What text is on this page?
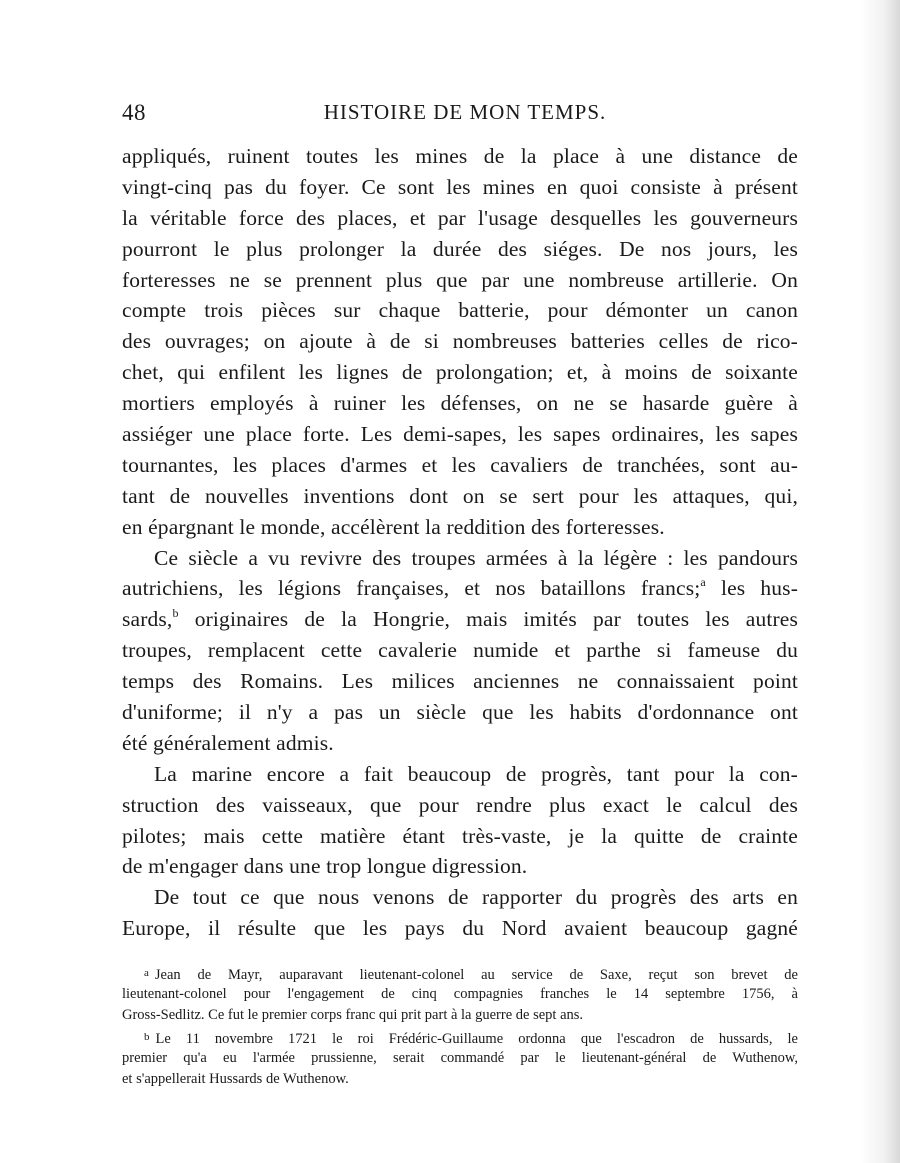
48	HISTOIRE DE MON TEMPS.
appliqués, ruinent toutes les mines de la place à une distance de
vingt-cinq pas du foyer. Ce sont les mines en quoi consiste à présent
la véritable force des places, et par l'usage desquelles les gouverneurs
pourront le plus prolonger la durée des siéges. De nos jours, les
forteresses ne se prennent plus que par une nombreuse artillerie. On
compte trois pièces sur chaque batterie, pour démonter un canon
des ouvrages; on ajoute à de si nombreuses batteries celles de rico-
chet, qui enfilent les lignes de prolongation; et, à moins de soixante
mortiers employés à ruiner les défenses, on ne se hasarde guère à
assiéger une place forte. Les demi-sapes, les sapes ordinaires, les sapes
tournantes, les places d'armes et les cavaliers de tranchées, sont au-
tant de nouvelles inventions dont on se sert pour les attaques, qui,
en épargnant le monde, accélèrent la reddition des forteresses.
Ce siècle a vu revivre des troupes armées à la légère : les pandours
autrichiens, les légions françaises, et nos bataillons francs;$^a$ les hus-
sards,$^b$ originaires de la Hongrie, mais imités par toutes les autres
troupes, remplacent cette cavalerie numide et parthe si fameuse du
temps des Romains. Les milices anciennes ne connaissaient point
d'uniforme; il n'y a pas un siècle que les habits d'ordonnance ont
été généralement admis.
La marine encore a fait beaucoup de progrès, tant pour la con-
struction des vaisseaux, que pour rendre plus exact le calcul des
pilotes; mais cette matière étant très-vaste, je la quitte de crainte
de m'engager dans une trop longue digression.
De tout ce que nous venons de rapporter du progrès des arts en
Europe, il résulte que les pays du Nord avaient beaucoup gagné
$^a$ Jean de Mayr, auparavant lieutenant-colonel au service de Saxe, reçut son brevet de
lieutenant-colonel pour l'engagement de cinq compagnies franches le 14 septembre 1756, à
Gross-Sedlitz. Ce fut le premier corps franc qui prit part à la guerre de sept ans.
$^b$ Le 11 novembre 1721 le roi Frédéric-Guillaume ordonna que l'escadron de hussards, le
premier qu'a eu l'armée prussienne, serait commandé par le lieutenant-général de Wuthenow,
et s'appellerait Hussards de Wuthenow.
